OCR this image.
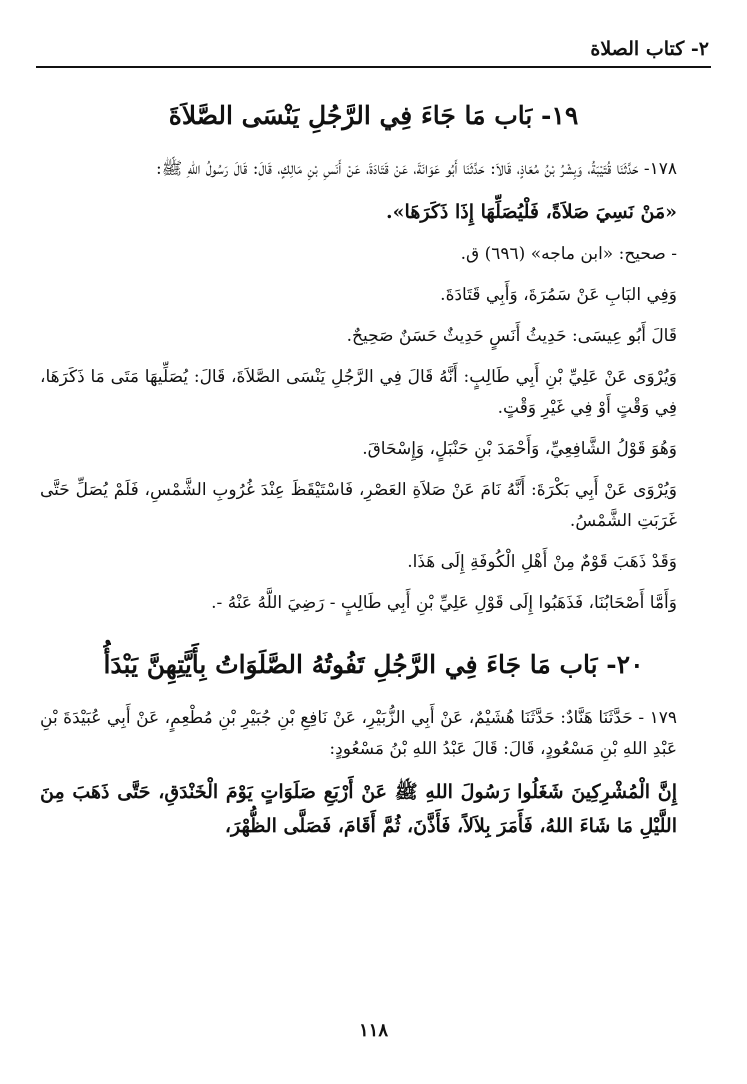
٢- كتاب الصلاة
١٩- بَاب مَا جَاءَ فِي الرَّجُلِ يَنْسَى الصَّلاَةَ

١٧٨- حَدَّثَنَا قُتَيْبَةُ، وَبِشْرُ بْنُ مُعَاذٍ، قَالاَ: حَدَّثَنَا أَبُو عَوَانَةَ، عَنْ قَتَادَةَ، عَنْ أَنَسِ بْنِ مَالِكٍ، قَالَ: قَالَ رَسُولُ اللهِ ﷺ:

«مَنْ نَسِيَ صَلاَةً، فَلْيُصَلِّهَا إِذَا ذَكَرَهَا».

- صحيح: «ابن ماجه» (٦٩٦) ق.

وَفِي البَابِ عَنْ سَمُرَةَ، وَأَبِي قَتَادَةَ.

قَالَ أَبُو عِيسَى: حَدِيثُ أَنَسٍ حَدِيثٌ حَسَنٌ صَحِيحٌ.

وَيُرْوَى عَنْ عَلِيِّ بْنِ أَبِي طَالِبٍ: أَنَّهُ قَالَ فِي الرَّجُلِ يَنْسَى الصَّلاَةَ، قَالَ: يُصَلِّيهَا مَتَى مَا ذَكَرَهَا، فِي وَقْتٍ أَوْ فِي غَيْرِ وَقْتٍ.

وَهُوَ قَوْلُ الشَّافِعِيِّ، وَأَحْمَدَ بْنِ حَنْبَلٍ، وَإِسْحَاقَ.

وَيُرْوَى عَنْ أَبِي بَكْرَةَ: أَنَّهُ نَامَ عَنْ صَلاَةِ العَصْرِ، فَاسْتَيْقَظَ عِنْدَ غُرُوبِ الشَّمْسِ، فَلَمْ يُصَلِّ حَتَّى غَرَبَتِ الشَّمْسُ.

وَقَدْ ذَهَبَ قَوْمٌ مِنْ أَهْلِ الْكُوفَةِ إِلَى هَذَا.

وَأَمَّا أَصْحَابُنَا، فَذَهَبُوا إِلَى قَوْلِ عَلِيِّ بْنِ أَبِي طَالِبٍ - رَضِيَ اللَّهُ عَنْهُ -.

٢٠- بَاب مَا جَاءَ فِي الرَّجُلِ تَفُوتُهُ الصَّلَوَاتُ بِأَيَّتِهِنَّ يَبْدَأُ

١٧٩ - حَدَّثَنَا هَنَّادٌ: حَدَّثَنَا هُشَيْمٌ، عَنْ أَبِي الزُّبَيْرِ، عَنْ نَافِعِ بْنِ جُبَيْرِ بْنِ مُطْعِمٍ، عَنْ أَبِي عُبَيْدَةَ بْنِ عَبْدِ اللهِ بْنِ مَسْعُودٍ، قَالَ: قَالَ عَبْدُ اللهِ بْنُ مَسْعُودٍ:

إِنَّ الْمُشْرِكِينَ شَغَلُوا رَسُولَ اللهِ ﷺ عَنْ أَرْبَعِ صَلَوَاتٍ يَوْمَ الْخَنْدَقِ، حَتَّى ذَهَبَ مِنَ اللَّيْلِ مَا شَاءَ اللهُ، فَأَمَرَ بِلاَلاً، فَأَذَّنَ، ثُمَّ أَقَامَ، فَصَلَّى الظُّهْرَ،

١١٨
